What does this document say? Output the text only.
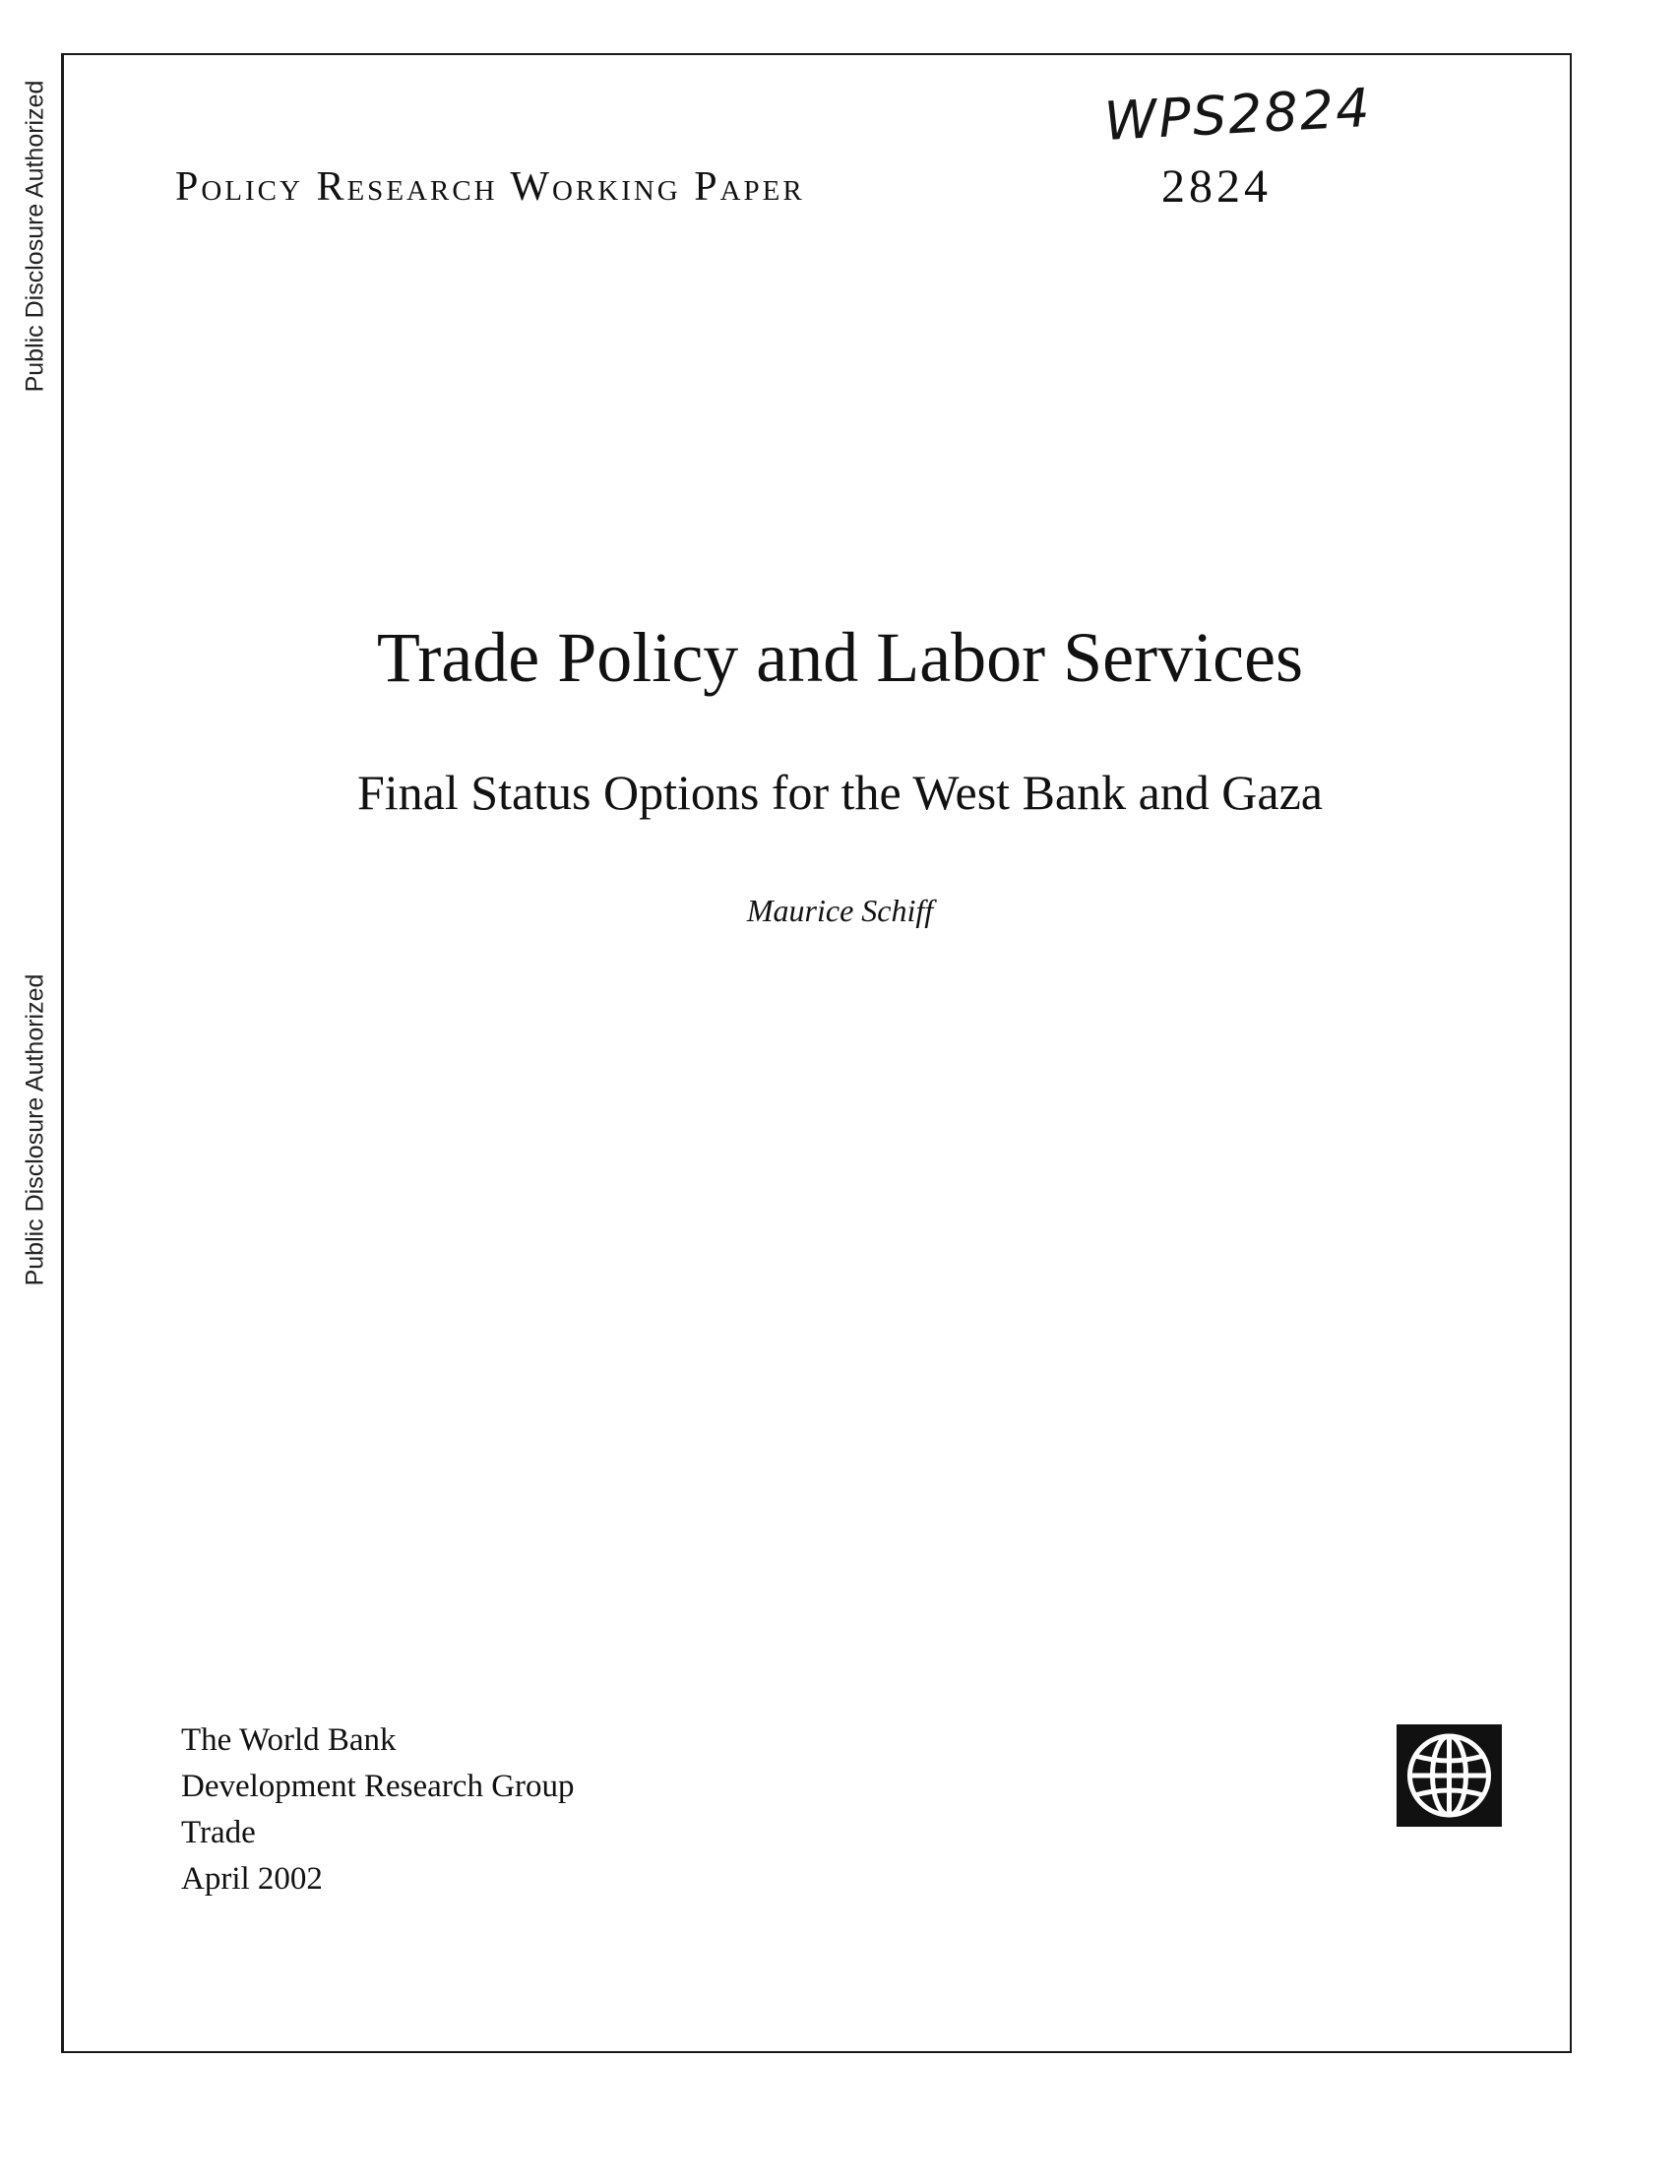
Public Disclosure Authorized
Public Disclosure Authorized
WPS2824
Policy Research Working Paper	2824
Trade Policy and Labor Services
Final Status Options for the West Bank and Gaza
Maurice Schiff
The World Bank
Development Research Group
Trade
April 2002
